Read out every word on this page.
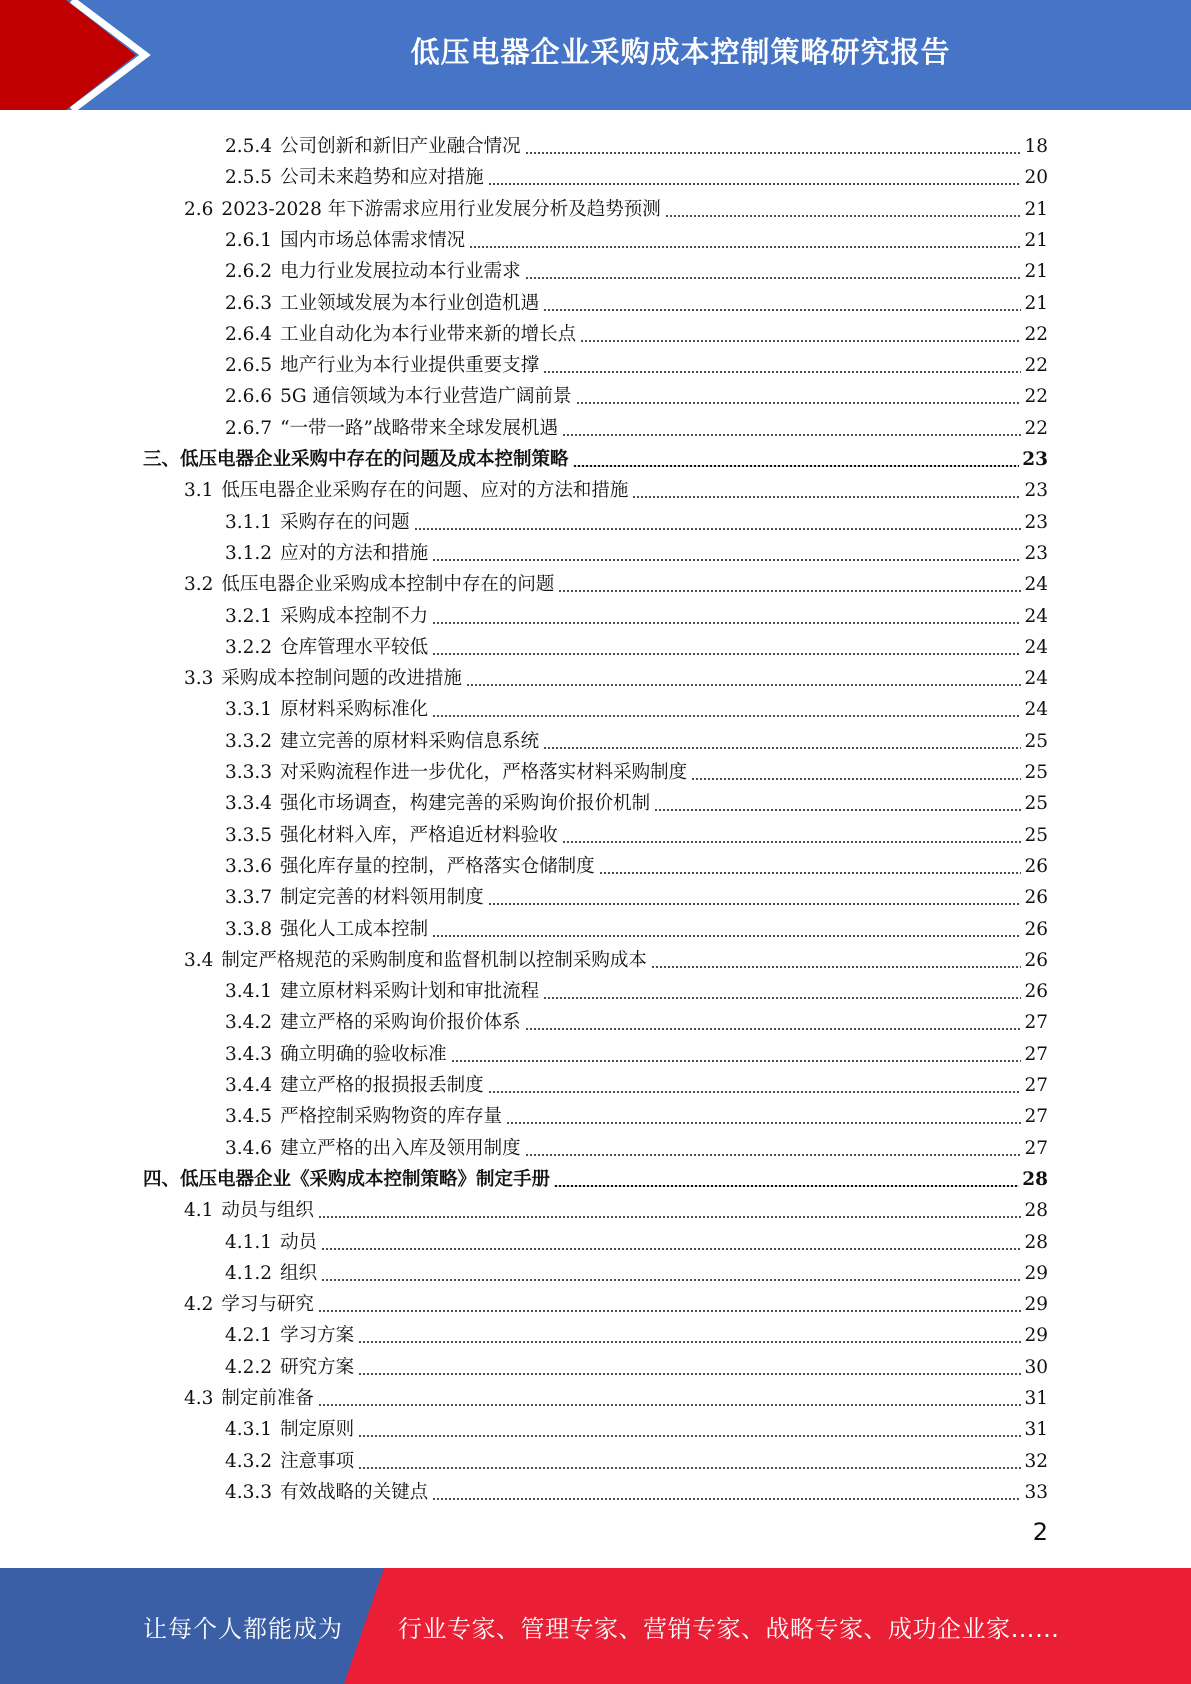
低压电器企业采购成本控制策略研究报告
2.5.4 公司创新和新旧产业融合情况	18
2.5.5 公司未来趋势和应对措施	20
2.6 2023-2028 年下游需求应用行业发展分析及趋势预测	21
2.6.1 国内市场总体需求情况	21
2.6.2 电力行业发展拉动本行业需求	21
2.6.3 工业领域发展为本行业创造机遇	21
2.6.4 工业自动化为本行业带来新的增长点	22
2.6.5 地产行业为本行业提供重要支撑	22
2.6.6 5G 通信领域为本行业营造广阔前景	22
2.6.7 “一带一路”战略带来全球发展机遇	22
三、 低压电器企业采购中存在的问题及成本控制策略	23
3.1 低压电器企业采购存在的问题、应对的方法和措施	23
3.1.1 采购存在的问题	23
3.1.2 应对的方法和措施	23
3.2 低压电器企业采购成本控制中存在的问题	24
3.2.1 采购成本控制不力	24
3.2.2 仓库管理水平较低	24
3.3 采购成本控制问题的改进措施	24
3.3.1 原材料采购标准化	24
3.3.2 建立完善的原材料采购信息系统	25
3.3.3 对采购流程作进一步优化，严格落实材料采购制度	25
3.3.4 强化市场调查，构建完善的采购询价报价机制	25
3.3.5 强化材料入库，严格追近材料验收	25
3.3.6 强化库存量的控制，严格落实仓储制度	26
3.3.7 制定完善的材料领用制度	26
3.3.8 强化人工成本控制	26
3.4 制定严格规范的采购制度和监督机制以控制采购成本	26
3.4.1 建立原材料采购计划和审批流程	26
3.4.2 建立严格的采购询价报价体系	27
3.4.3 确立明确的验收标准	27
3.4.4 建立严格的报损报丢制度	27
3.4.5 严格控制采购物资的库存量	27
3.4.6 建立严格的出入库及领用制度	27
四、 低压电器企业《采购成本控制策略》制定手册	28
4.1 动员与组织	28
4.1.1 动员	28
4.1.2 组织	29
4.2 学习与研究	29
4.2.1 学习方案	29
4.2.2 研究方案	30
4.3 制定前准备	31
4.3.1 制定原则	31
4.3.2 注意事项	32
4.3.3 有效战略的关键点	33
2
让每个人都能成为 行业专家、管理专家、营销专家、战略专家、成功企业家……
